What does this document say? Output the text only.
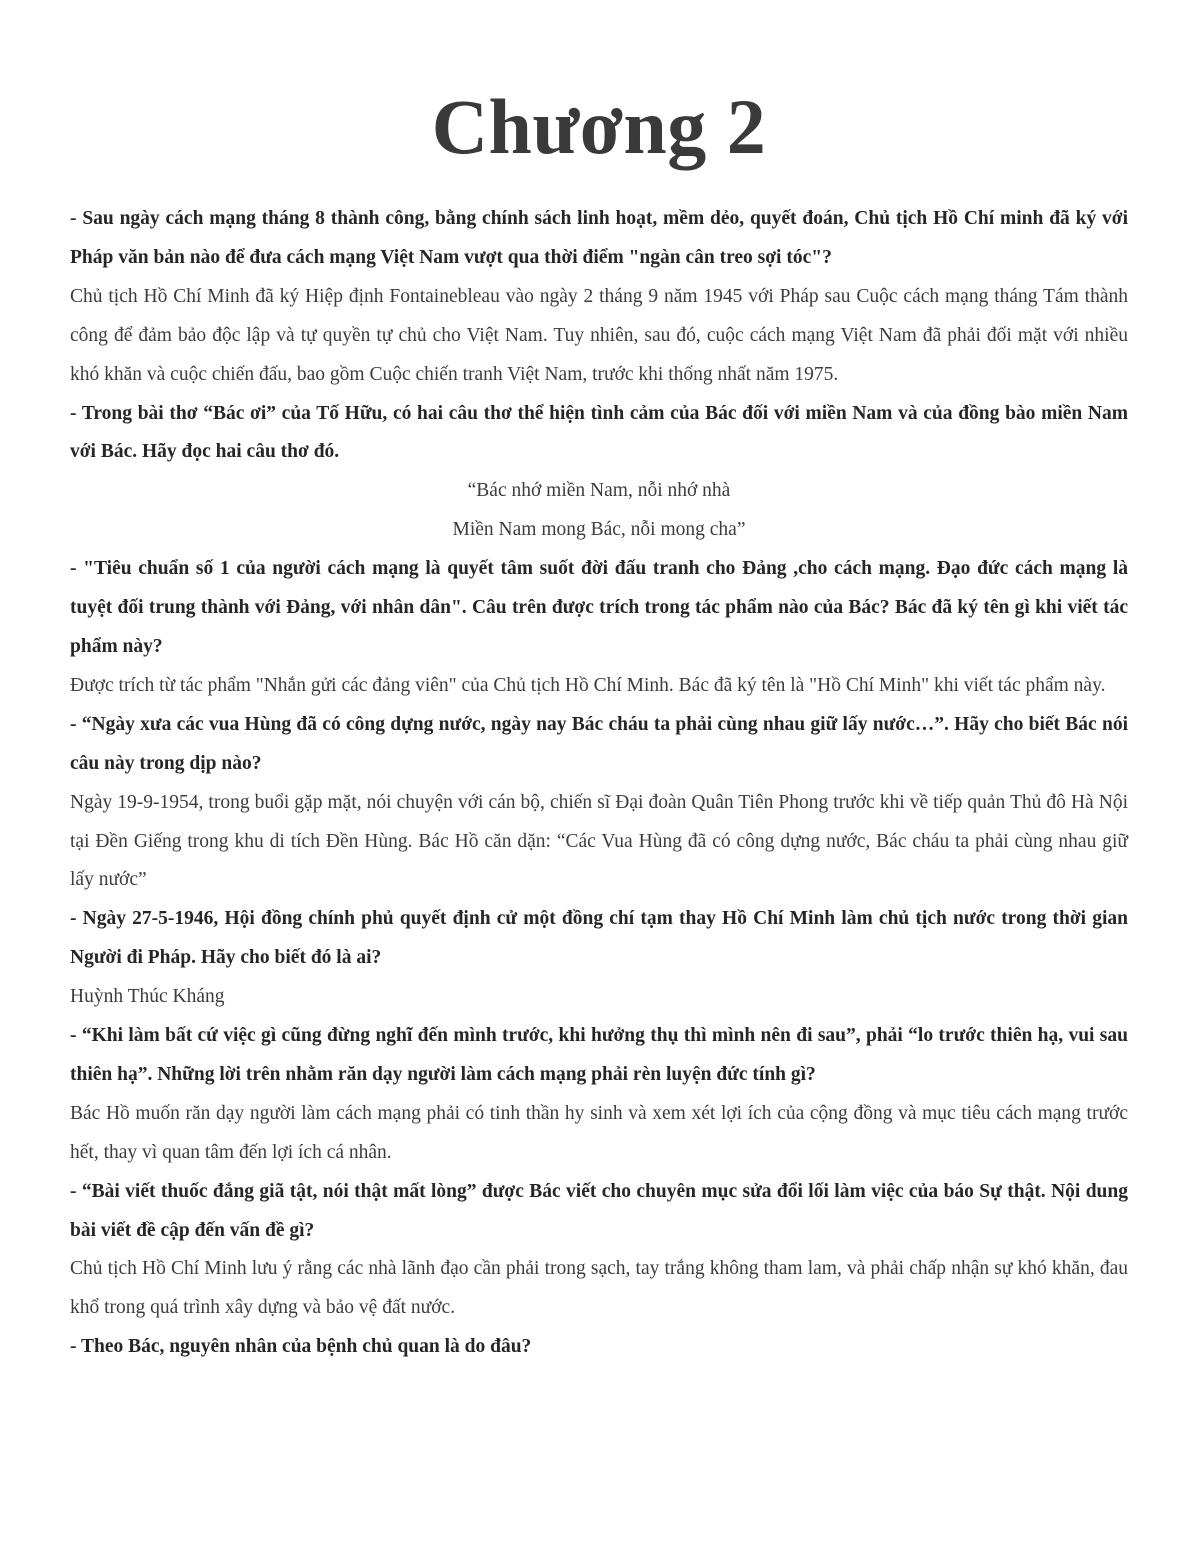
Chương 2

- Sau ngày cách mạng tháng 8 thành công, bằng chính sách linh hoạt, mềm dẻo, quyết đoán, Chủ tịch Hồ Chí minh đã ký với Pháp văn bản nào để đưa cách mạng Việt Nam vượt qua thời điểm "ngàn cân treo sợi tóc"?

Chủ tịch Hồ Chí Minh đã ký Hiệp định Fontainebleau vào ngày 2 tháng 9 năm 1945 với Pháp sau Cuộc cách mạng tháng Tám thành công để đảm bảo độc lập và tự quyền tự chủ cho Việt Nam. Tuy nhiên, sau đó, cuộc cách mạng Việt Nam đã phải đối mặt với nhiều khó khăn và cuộc chiến đấu, bao gồm Cuộc chiến tranh Việt Nam, trước khi thống nhất năm 1975.

- Trong bài thơ “Bác ơi” của Tố Hữu, có hai câu thơ thể hiện tình cảm của Bác đối với miền Nam và của đồng bào miền Nam với Bác. Hãy đọc hai câu thơ đó.

“Bác nhớ miền Nam, nỗi nhớ nhà

Miền Nam mong Bác, nỗi mong cha”

- "Tiêu chuẩn số 1 của người cách mạng là quyết tâm suốt đời đấu tranh cho Đảng ,cho cách mạng. Đạo đức cách mạng là tuyệt đối trung thành với Đảng, với nhân dân". Câu trên được trích trong tác phẩm nào của Bác? Bác đã ký tên gì khi viết tác phẩm này?

Được trích từ tác phẩm "Nhắn gửi các đảng viên" của Chủ tịch Hồ Chí Minh. Bác đã ký tên là "Hồ Chí Minh" khi viết tác phẩm này.

- “Ngày xưa các vua Hùng đã có công dựng nước, ngày nay Bác cháu ta phải cùng nhau giữ lấy nước…”. Hãy cho biết Bác nói câu này trong dịp nào?

Ngày 19-9-1954, trong buổi gặp mặt, nói chuyện với cán bộ, chiến sĩ Đại đoàn Quân Tiên Phong trước khi về tiếp quản Thủ đô Hà Nội tại Đền Giếng trong khu di tích Đền Hùng. Bác Hồ căn dặn: “Các Vua Hùng đã có công dựng nước, Bác cháu ta phải cùng nhau giữ lấy nước”

- Ngày 27-5-1946, Hội đồng chính phủ quyết định cử một đồng chí tạm thay Hồ Chí Minh làm chủ tịch nước trong thời gian Người đi Pháp. Hãy cho biết đó là ai?

Huỳnh Thúc Kháng

- “Khi làm bất cứ việc gì cũng đừng nghĩ đến mình trước, khi hưởng thụ thì mình nên đi sau”, phải “lo trước thiên hạ, vui sau thiên hạ”. Những lời trên nhằm răn dạy người làm cách mạng phải rèn luyện đức tính gì?

Bác Hồ muốn răn dạy người làm cách mạng phải có tinh thần hy sinh và xem xét lợi ích của cộng đồng và mục tiêu cách mạng trước hết, thay vì quan tâm đến lợi ích cá nhân.

- “Bài viết thuốc đắng giã tật, nói thật mất lòng” được Bác viết cho chuyên mục sửa đổi lối làm việc của báo Sự thật. Nội dung bài viết đề cập đến vấn đề gì?

Chủ tịch Hồ Chí Minh lưu ý rằng các nhà lãnh đạo cần phải trong sạch, tay trắng không tham lam, và phải chấp nhận sự khó khăn, đau khổ trong quá trình xây dựng và bảo vệ đất nước.

- Theo Bác, nguyên nhân của bệnh chủ quan là do đâu?
